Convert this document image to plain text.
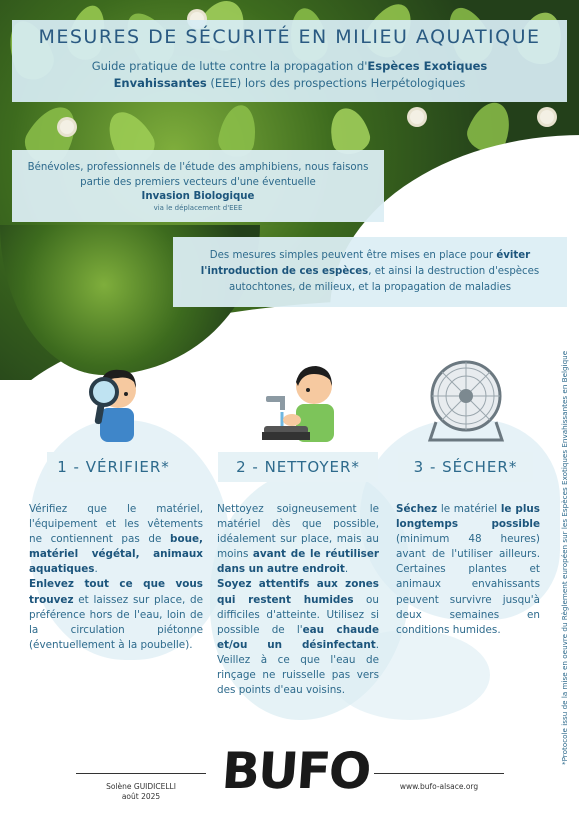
MESURES DE SÉCURITÉ EN MILIEU AQUATIQUE
Guide pratique de lutte contre la propagation d'Espèces Exotiques Envahissantes (EEE) lors des prospections Herpétologiques
Bénévoles, professionnels de l'étude des amphibiens, nous faisons partie des premiers vecteurs d'une éventuelle
Invasion Biologique
via le déplacement d'EEE
Des mesures simples peuvent être mises en place pour éviter l'introduction de ces espèces, et ainsi la destruction d'espèces autochtones, de milieux, et la propagation de maladies
1 - VÉRIFIER*	2 - NETTOYER*	3 - SÉCHER*
Vérifiez que le matériel, l'équipement et les vêtements ne contiennent pas de boue, matériel végétal, animaux aquatiques.
Enlevez tout ce que vous trouvez et laissez sur place, de préférence hors de l'eau, loin de la circulation piétonne (éventuellement à la poubelle).
Nettoyez soigneusement le matériel dès que possible, idéalement sur place, mais au moins avant de le réutiliser dans un autre endroit.
Soyez attentifs aux zones qui restent humides ou difficiles d'atteinte. Utilisez si possible de l'eau chaude et/ou un désinfectant. Veillez à ce que l'eau de rinçage ne ruisselle pas vers des points d'eau voisins.
Séchez le matériel le plus longtemps possible (minimum 48 heures) avant de l'utiliser ailleurs. Certaines plantes et animaux envahissants peuvent survivre jusqu'à deux semaines en conditions humides.
Solène GUIDICELLI
août 2025	BUFO	www.bufo-alsace.org
*Protocole issu de la mise en oeuvre du Règlement européen sur les Espèces Exotiques Envahissantes en Belgique
